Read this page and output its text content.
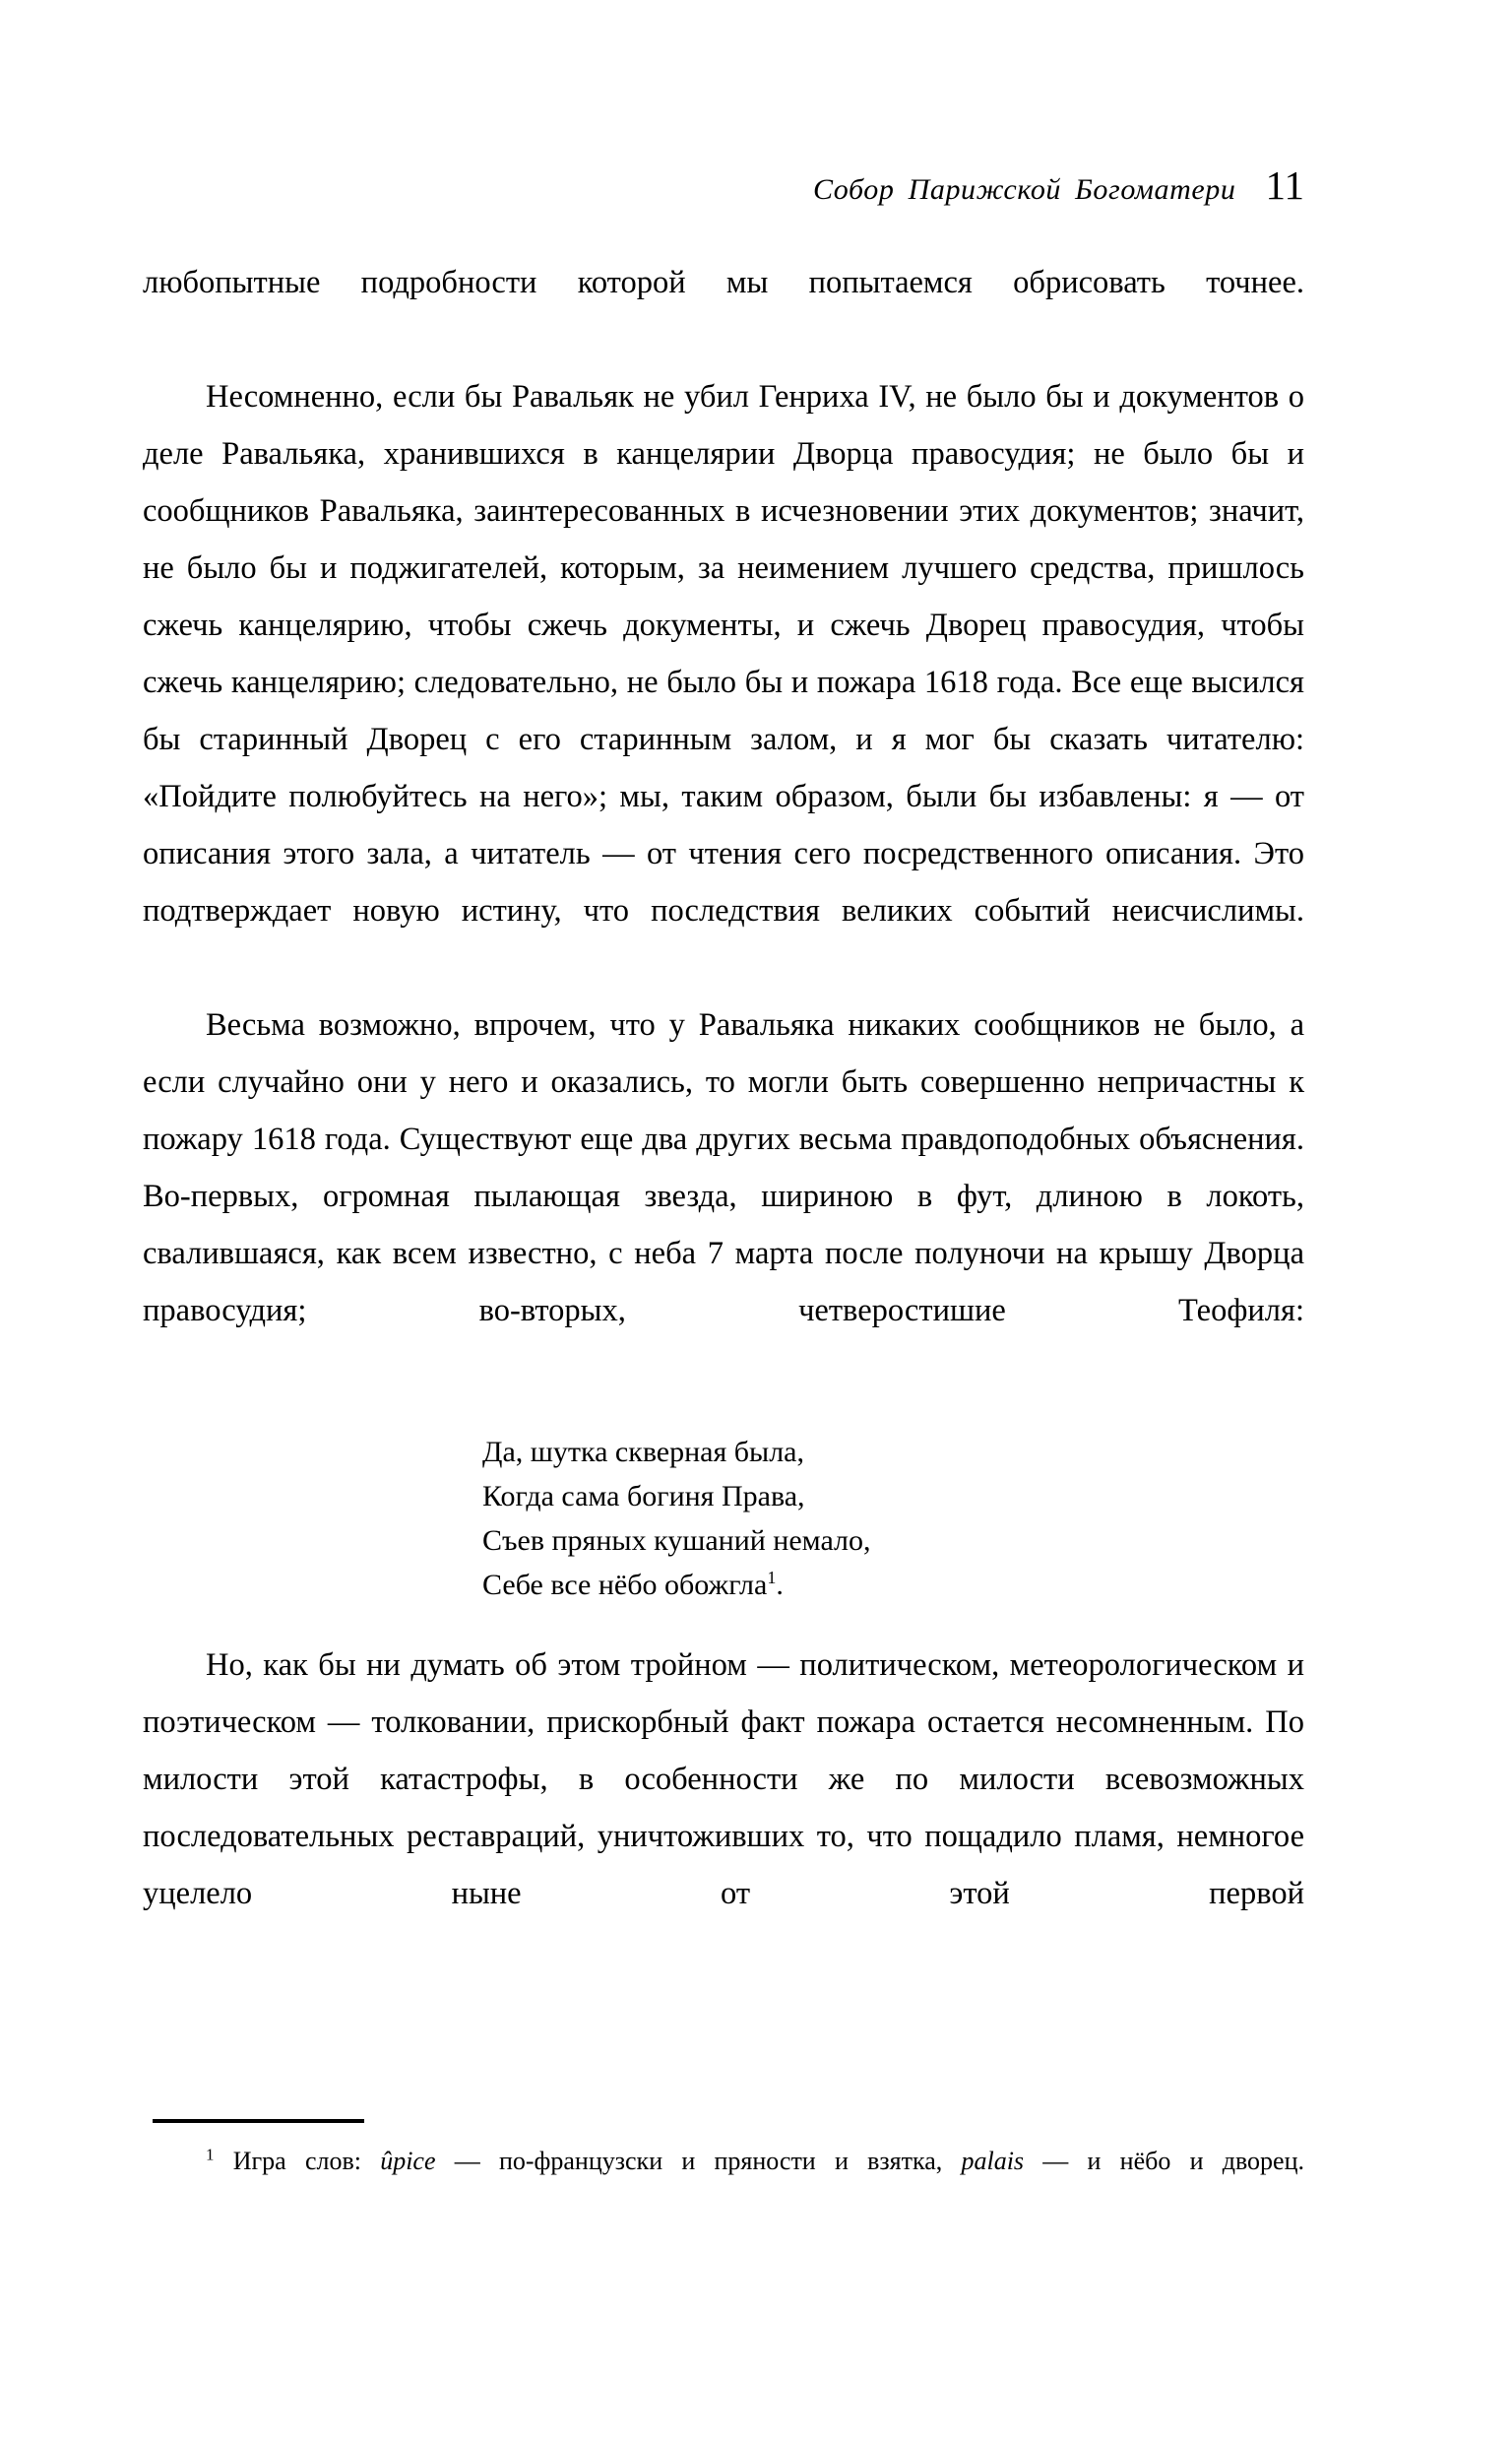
Собор Парижской Богоматери 11

любопытные подробности которой мы попытаемся обрисовать точнее.

Несомненно, если бы Равальяк не убил Генриха IV, не было бы и документов о деле Равальяка, хранившихся в канцелярии Дворца правосудия; не было бы и сообщников Равальяка, заинтересованных в исчезновении этих документов; значит, не было бы и поджигателей, которым, за неимением лучшего средства, пришлось сжечь канцелярию, чтобы сжечь документы, и сжечь Дворец правосудия, чтобы сжечь канцелярию; следовательно, не было бы и пожара 1618 года. Все еще высился бы старинный Дворец с его старинным залом, и я мог бы сказать читателю: «Пойдите полюбуйтесь на него»; мы, таким образом, были бы избавлены: я — от описания этого зала, а читатель — от чтения сего посредственного описания. Это подтверждает новую истину, что последствия великих событий неисчислимы.

Весьма возможно, впрочем, что у Равальяка никаких сообщников не было, а если случайно они у него и оказались, то могли быть совершенно непричастны к пожару 1618 года. Существуют еще два других весьма правдоподобных объяснения. Во-первых, огромная пылающая звезда, шириною в фут, длиною в локоть, свалившаяся, как всем известно, с неба 7 марта после полуночи на крышу Дворца правосудия; во-вторых, четверостишие Теофиля:

Да, шутка скверная была,
Когда сама богиня Права,
Съев пряных кушаний немало,
Себе все нёбо обожгла$^1$.

Но, как бы ни думать об этом тройном — политическом, метеорологическом и поэтическом — толковании, прискорбный факт пожара остается несомненным. По милости этой катастрофы, в особенности же по милости всевозможных последовательных реставраций, уничтоживших то, что пощадило пламя, немногое уцелело ныне от этой первой

$^1$ Игра слов: ûpice — по-французски и пряности и взятка, palais — и нёбо и дворец.
